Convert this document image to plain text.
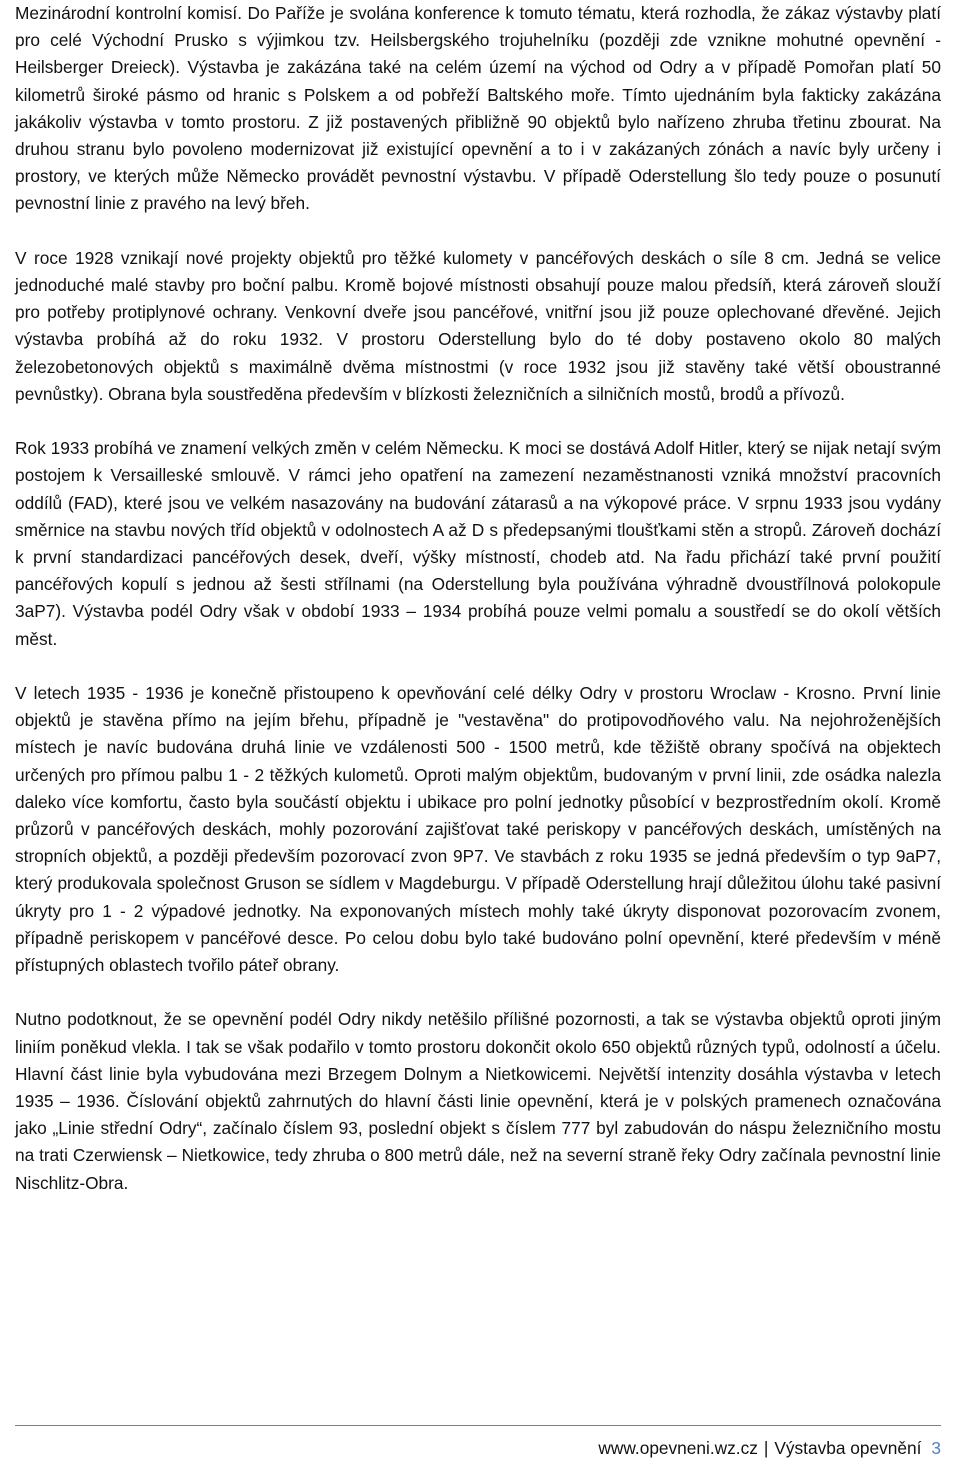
Mezinárodní kontrolní komisí. Do Paříže je svolána konference k tomuto tématu, která rozhodla, že zákaz výstavby platí pro celé Východní Prusko s výjimkou tzv. Heilsbergského trojuhelníku (později zde vznikne mohutné opevnění - Heilsberger Dreieck). Výstavba je zakázána také na celém území na východ od Odry a v případě Pomořan platí 50 kilometrů široké pásmo od hranic s Polskem a od pobřeží Baltského moře. Tímto ujednáním byla fakticky zakázána jakákoliv výstavba v tomto prostoru. Z již postavených přibližně 90 objektů bylo nařízeno zhruba třetinu zbourat. Na druhou stranu bylo povoleno modernizovat již existující opevnění a to i v zakázaných zónách a navíc byly určeny i prostory, ve kterých může Německo provádět pevnostní výstavbu. V případě Oderstellung šlo tedy pouze o posunutí pevnostní linie z pravého na levý břeh.

V roce 1928 vznikají nové projekty objektů pro těžké kulomety v pancéřových deskách o síle 8 cm. Jedná se velice jednoduché malé stavby pro boční palbu. Kromě bojové místnosti obsahují pouze malou předsíň, která zároveň slouží pro potřeby protiplynové ochrany. Venkovní dveře jsou pancéřové, vnitřní jsou již pouze oplechované dřevěné. Jejich výstavba probíhá až do roku 1932. V prostoru Oderstellung bylo do té doby postaveno okolo 80 malých železobetonových objektů s maximálně dvěma místnostmi (v roce 1932 jsou již stavěny také větší oboustranné pevnůstky). Obrana byla soustředěna především v blízkosti železničních a silničních mostů, brodů a přívozů.

Rok 1933 probíhá ve znamení velkých změn v celém Německu. K moci se dostává Adolf Hitler, který se nijak netají svým postojem k Versailleské smlouvě. V rámci jeho opatření na zamezení nezaměstnanosti vzniká množství pracovních oddílů (FAD), které jsou ve velkém nasazovány na budování zátarasů a na výkopové práce. V srpnu 1933 jsou vydány směrnice na stavbu nových tříd objektů v odolnostech A až D s předepsanými tloušťkami stěn a stropů. Zároveň dochází k první standardizaci pancéřových desek, dveří, výšky místností, chodeb atd. Na řadu přichází také první použití pancéřových kopulí s jednou až šesti střílnami (na Oderstellung byla používána výhradně dvoustřílnová polokopule 3aP7). Výstavba podél Odry však v období 1933 – 1934 probíhá pouze velmi pomalu a soustředí se do okolí větších měst.

V letech 1935 - 1936 je konečně přistoupeno k opevňování celé délky Odry v prostoru Wroclaw - Krosno. První linie objektů je stavěna přímo na jejím břehu, případně je "vestavěna" do protipovodňového valu. Na nejohroženějších místech je navíc budována druhá linie ve vzdálenosti 500 - 1500 metrů, kde těžiště obrany spočívá na objektech určených pro přímou palbu 1 - 2 těžkých kulometů. Oproti malým objektům, budovaným v první linii, zde osádka nalezla daleko více komfortu, často byla součástí objektu i ubikace pro polní jednotky působící v bezprostředním okolí. Kromě průzorů v pancéřových deskách, mohly pozorování zajišťovat také periskopy v pancéřových deskách, umístěných na stropních objektů, a později především pozorovací zvon 9P7. Ve stavbách z roku 1935 se jedná především o typ 9aP7, který produkovala společnost Gruson se sídlem v Magdeburgu. V případě Oderstellung hrají důležitou úlohu také pasivní úkryty pro 1 - 2 výpadové jednotky. Na exponovaných místech mohly také úkryty disponovat pozorovacím zvonem, případně periskopem v pancéřové desce. Po celou dobu bylo také budováno polní opevnění, které především v méně přístupných oblastech tvořilo páteř obrany.

Nutno podotknout, že se opevnění podél Odry nikdy netěšilo přílišné pozornosti, a tak se výstavba objektů oproti jiným liniím poněkud vlekla. I tak se však podařilo v tomto prostoru dokončit okolo 650 objektů různých typů, odolností a účelu. Hlavní část linie byla vybudována mezi Brzegem Dolnym a Nietkowicemi. Největší intenzity dosáhla výstavba v letech 1935 – 1936. Číslování objektů zahrnutých do hlavní části linie opevnění, která je v polských pramenech označována jako „Linie střední Odry“, začínalo číslem 93, poslední objekt s číslem 777 byl zabudován do náspu železničního mostu na trati Czerwiensk – Nietkowice, tedy zhruba o 800 metrů dále, než na severní straně řeky Odry začínala pevnostní linie Nischlitz-Obra.

www.opevneni.wz.cz | Výstavba opevnění 3
